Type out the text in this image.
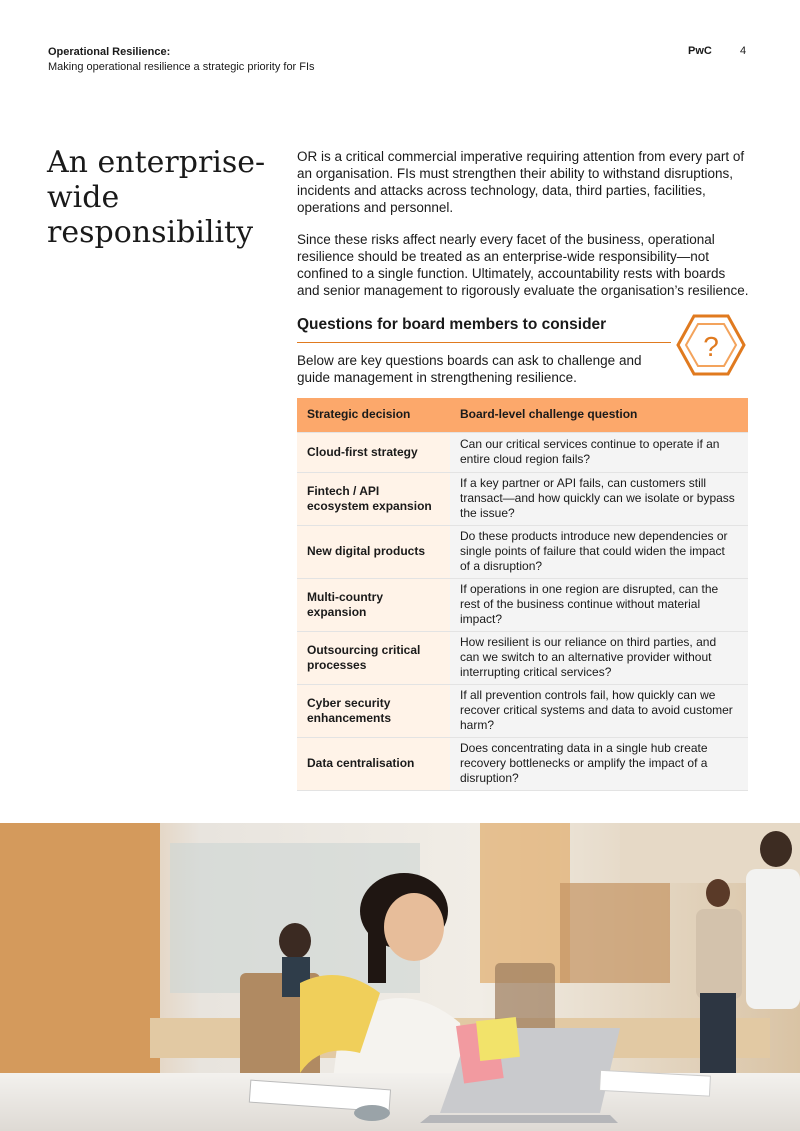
Operational Resilience:
Making operational resilience a strategic priority for FIs
PwC	4
An enterprise-wide responsibility

OR is a critical commercial imperative requiring attention from every part of an organisation. FIs must strengthen their ability to withstand disruptions, incidents and attacks across technology, data, third parties, facilities, operations and personnel.

Since these risks affect nearly every facet of the business, operational resilience should be treated as an enterprise-wide responsibility—not confined to a single function. Ultimately, accountability rests with boards and senior management to rigorously evaluate the organisation’s resilience.

Questions for board members to consider
?

Below are key questions boards can ask to challenge and guide management in strengthening resilience.

Strategic decision	Board-level challenge question
Cloud-first strategy	Can our critical services continue to operate if an entire cloud region fails?
Fintech / API ecosystem expansion	If a key partner or API fails, can customers still transact—and how quickly can we isolate or bypass the issue?
New digital products	Do these products introduce new dependencies or single points of failure that could widen the impact of a disruption?
Multi-country expansion	If operations in one region are disrupted, can the rest of the business continue without material impact?
Outsourcing critical processes	How resilient is our reliance on third parties, and can we switch to an alternative provider without interrupting critical services?
Cyber security enhancements	If all prevention controls fail, how quickly can we recover critical systems and data to avoid customer harm?
Data centralisation	Does concentrating data in a single hub create recovery bottlenecks or amplify the impact of a disruption?
